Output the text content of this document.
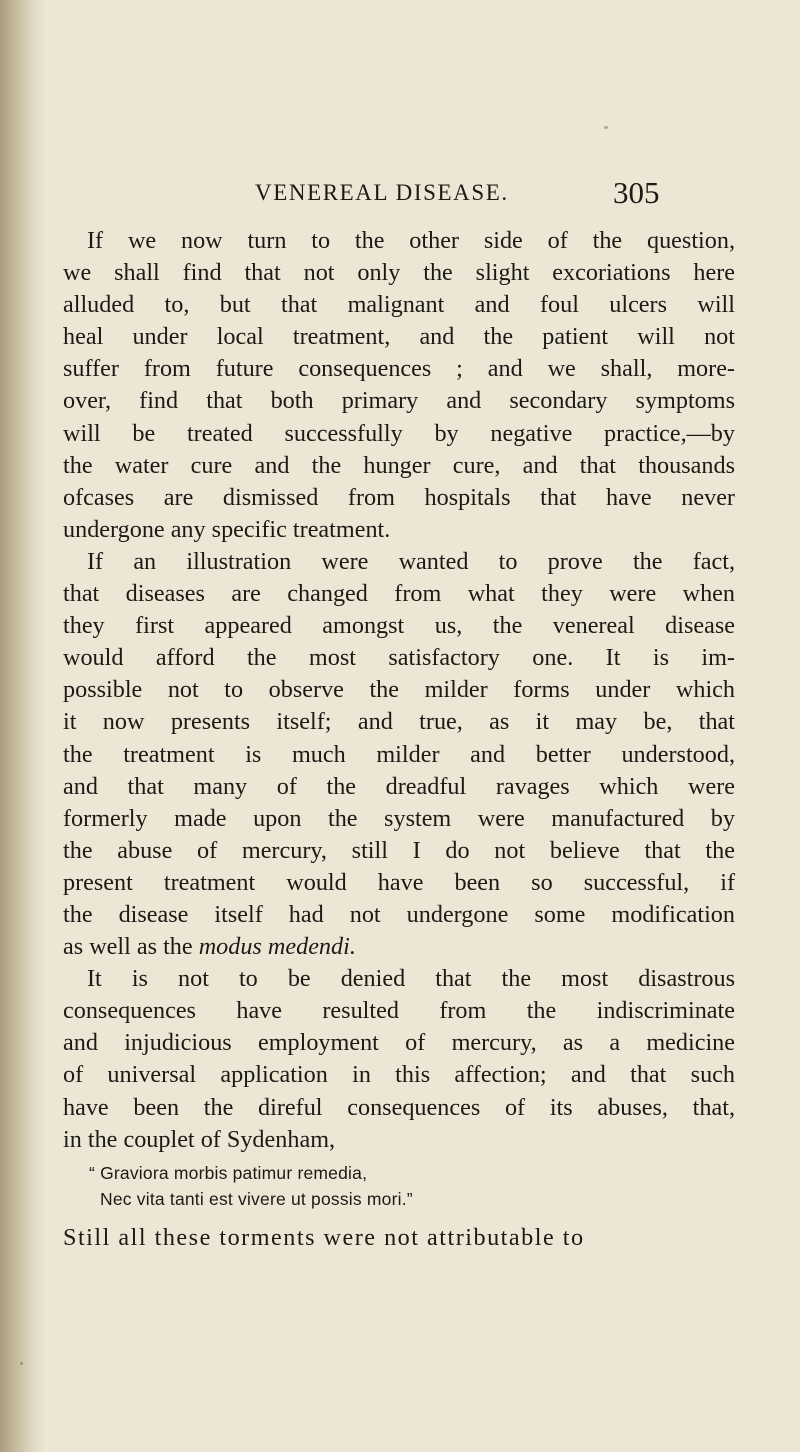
VENEREAL DISEASE.	305
If we now turn to the other side of the question,
we shall find that not only the slight excoriations here
alluded to, but that malignant and foul ulcers will
heal under local treatment, and the patient will not
suffer from future consequences ; and we shall, more-
over, find that both primary and secondary symptoms
will be treated successfully by negative practice,—by
the water cure and the hunger cure, and that thousands
ofcases are dismissed from hospitals that have never
undergone any specific treatment.
If an illustration were wanted to prove the fact,
that diseases are changed from what they were when
they first appeared amongst us, the venereal disease
would afford the most satisfactory one. It is im-
possible not to observe the milder forms under which
it now presents itself; and true, as it may be, that
the treatment is much milder and better understood,
and that many of the dreadful ravages which were
formerly made upon the system were manufactured by
the abuse of mercury, still I do not believe that the
present treatment would have been so successful, if
the disease itself had not undergone some modification
as well as the modus medendi.
It is not to be denied that the most disastrous
consequences have resulted from the indiscriminate
and injudicious employment of mercury, as a medicine
of universal application in this affection; and that such
have been the direful consequences of its abuses, that,
in the couplet of Sydenham,
“ Graviora morbis patimur remedia,
Nec vita tanti est vivere ut possis mori.”
Still all these torments were not attributable to
